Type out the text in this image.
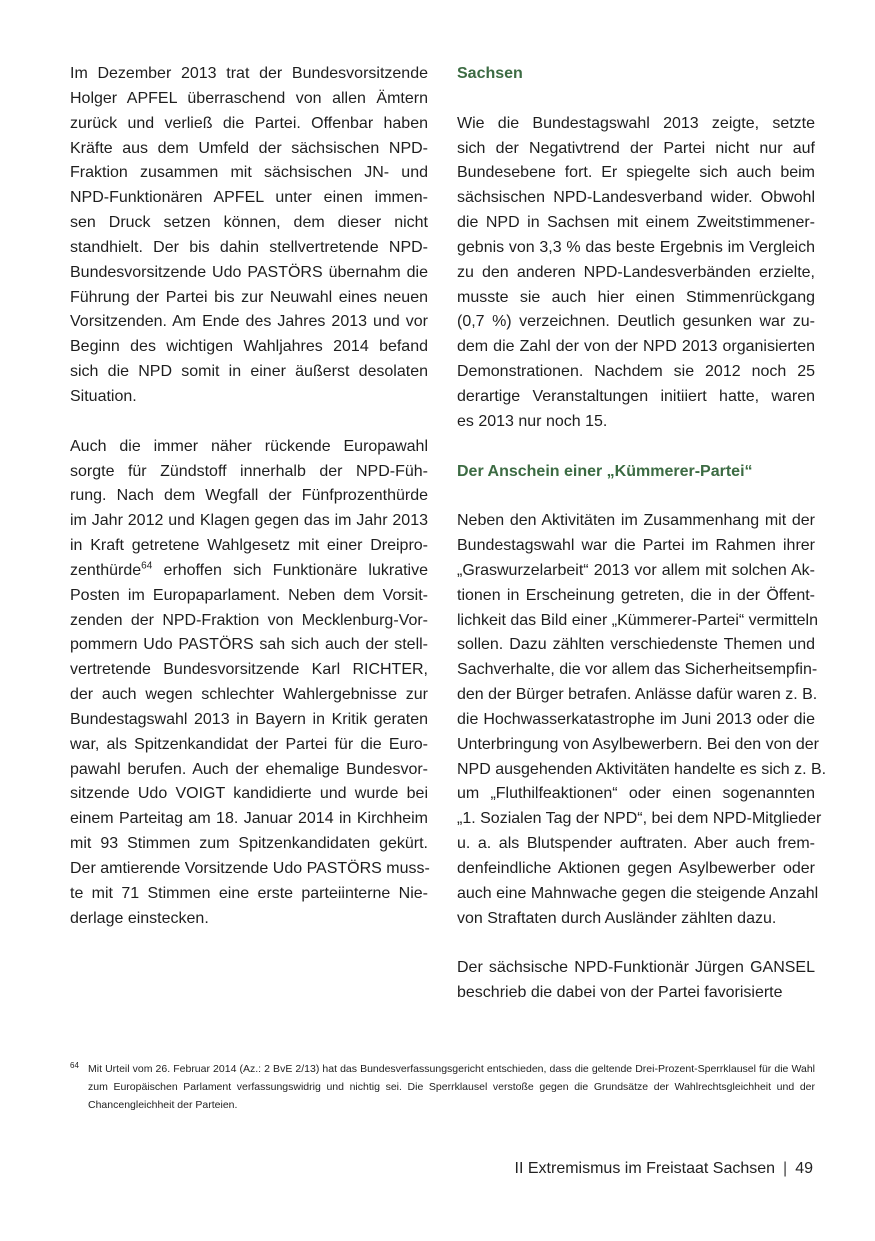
Im Dezember 2013 trat der Bundesvorsitzende
Holger APFEL überraschend von allen Ämtern
zurück und verließ die Partei. Offenbar haben
Kräfte aus dem Umfeld der sächsischen NPD-
Fraktion zusammen mit sächsischen JN- und
NPD-Funktionären APFEL unter einen immen-
sen Druck setzen können, dem dieser nicht
standhielt. Der bis dahin stellvertretende NPD-
Bundesvorsitzende Udo PASTÖRS übernahm die
Führung der Partei bis zur Neuwahl eines neuen
Vorsitzenden. Am Ende des Jahres 2013 und vor
Beginn des wichtigen Wahljahres 2014 befand
sich die NPD somit in einer äußerst desolaten
Situation.
Auch die immer näher rückende Europawahl
sorgte für Zündstoff innerhalb der NPD-Füh-
rung. Nach dem Wegfall der Fünfprozenthürde
im Jahr 2012 und Klagen gegen das im Jahr 2013
in Kraft getretene Wahlgesetz mit einer Dreipro-
zenthürde$^{64}$ erhoffen sich Funktionäre lukrative
Posten im Europaparlament. Neben dem Vorsit-
zenden der NPD-Fraktion von Mecklenburg-Vor-
pommern Udo PASTÖRS sah sich auch der stell-
vertretende Bundesvorsitzende Karl RICHTER,
der auch wegen schlechter Wahlergebnisse zur
Bundestagswahl 2013 in Bayern in Kritik geraten
war, als Spitzenkandidat der Partei für die Euro-
pawahl berufen. Auch der ehemalige Bundesvor-
sitzende Udo VOIGT kandidierte und wurde bei
einem Parteitag am 18. Januar 2014 in Kirchheim
mit 93 Stimmen zum Spitzenkandidaten gekürt.
Der amtierende Vorsitzende Udo PASTÖRS muss-
te mit 71 Stimmen eine erste parteiinterne Nie-
derlage einstecken.
Sachsen
Wie die Bundestagswahl 2013 zeigte, setzte
sich der Negativtrend der Partei nicht nur auf
Bundesebene fort. Er spiegelte sich auch beim
sächsischen NPD-Landesverband wider. Obwohl
die NPD in Sachsen mit einem Zweitstimmener-
gebnis von 3,3 % das beste Ergebnis im Vergleich
zu den anderen NPD-Landesverbänden erzielte,
musste sie auch hier einen Stimmenrückgang
(0,7 %) verzeichnen. Deutlich gesunken war zu-
dem die Zahl der von der NPD 2013 organisierten
Demonstrationen. Nachdem sie 2012 noch 25
derartige Veranstaltungen initiiert hatte, waren
es 2013 nur noch 15.
Der Anschein einer „Kümmerer-Partei“
Neben den Aktivitäten im Zusammenhang mit der
Bundestagswahl war die Partei im Rahmen ihrer
„Graswurzelarbeit“ 2013 vor allem mit solchen Ak-
tionen in Erscheinung getreten, die in der Öffent-
lichkeit das Bild einer „Kümmerer-Partei“ vermitteln
sollen. Dazu zählten verschiedenste Themen und
Sachverhalte, die vor allem das Sicherheitsempfin-
den der Bürger betrafen. Anlässe dafür waren z. B.
die Hochwasserkatastrophe im Juni 2013 oder die
Unterbringung von Asylbewerbern. Bei den von der
NPD ausgehenden Aktivitäten handelte es sich z. B.
um „Fluthilfeaktionen“ oder einen sogenannten
„1. Sozialen Tag der NPD“, bei dem NPD-Mitglieder
u. a. als Blutspender auftraten. Aber auch frem-
denfeindliche Aktionen gegen Asylbewerber oder
auch eine Mahnwache gegen die steigende Anzahl
von Straftaten durch Ausländer zählten dazu.
Der sächsische NPD-Funktionär Jürgen GANSEL
beschrieb die dabei von der Partei favorisierte
64 Mit Urteil vom 26. Februar 2014 (Az.: 2 BvE 2/13) hat das Bundesverfassungsgericht entschieden, dass die geltende Drei-Prozent-Sperrklausel für die Wahl zum Europäischen Parlament verfassungswidrig und nichtig sei. Die Sperrklausel verstoße gegen die Grundsätze der Wahlrechtsgleichheit und der Chancengleichheit der Parteien.
II Extremismus im Freistaat Sachsen | 49
